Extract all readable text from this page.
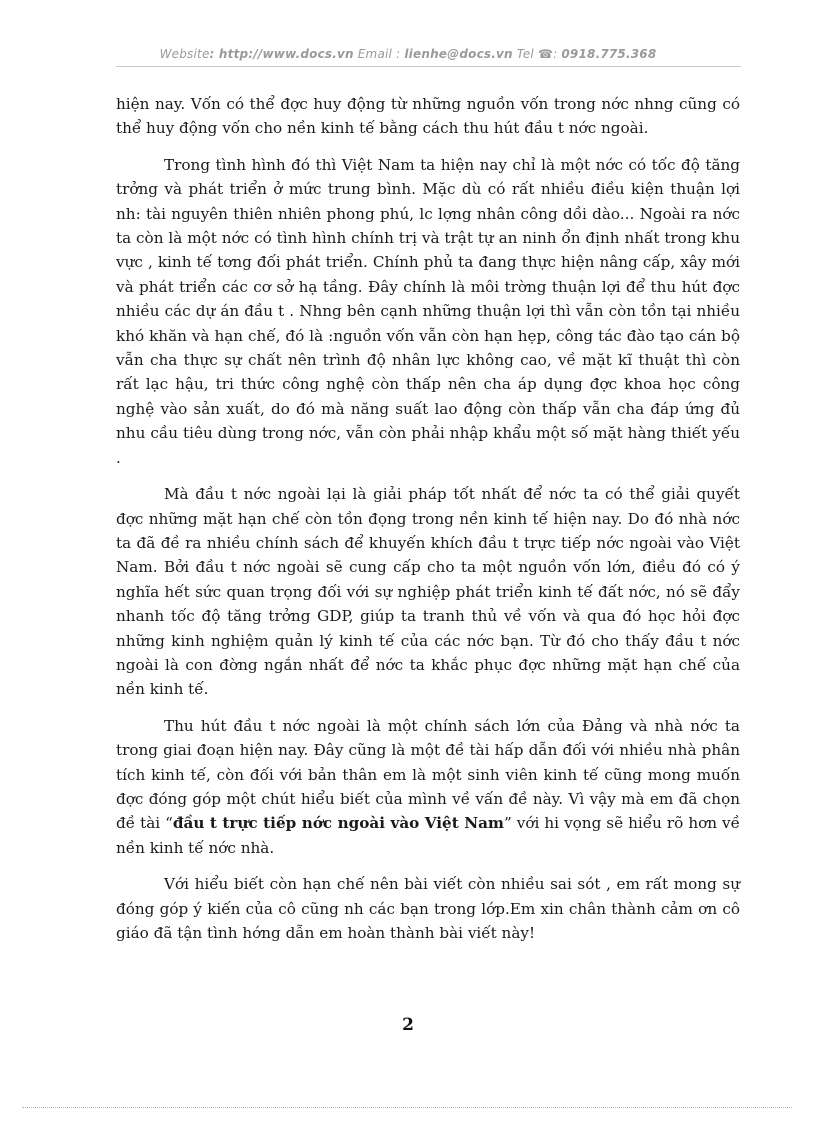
Website: http://www.docs.vn Email : lienhe@docs.vn Tel ☎: 0918.775.368

hiện nay. Vốn có thể đợc huy động từ những nguồn vốn trong nớc nhng cũng có thể huy động vốn cho nền kinh tế bằng cách thu hút đầu t nớc ngoài.

Trong tình hình đó thì Việt Nam ta hiện nay chỉ là một nớc có tốc độ tăng trởng và phát triển ở mức trung bình. Mặc dù có rất nhiều điều kiện thuận lợi nh: tài nguyên thiên nhiên phong phú, lc lợng nhân công dồi dào... Ngoài ra nớc ta còn là một nớc có tình hình chính trị và trật tự an ninh ổn định nhất trong khu vực , kinh tế tơng đối phát triển. Chính phủ ta đang thực hiện nâng cấp, xây mới và phát triển các cơ sở hạ tầng. Đây chính là môi trờng thuận lợi để thu hút đợc nhiều các dự án đầu t . Nhng bên cạnh những thuận lợi thì vẫn còn tồn tại nhiều khó khăn và hạn chế, đó là :nguồn vốn vẫn còn hạn hẹp, công tác đào tạo cán bộ vẫn cha thực sự chất nên trình độ nhân lực không cao, về mặt kĩ thuật thì còn rất lạc hậu, tri thức công nghệ còn thấp nên cha áp dụng đợc khoa học công nghệ vào sản xuất, do đó mà năng suất lao động còn thấp vẫn cha đáp ứng đủ nhu cầu tiêu dùng trong nớc, vẫn còn phải nhập khẩu một số mặt hàng thiết yếu .

Mà đầu t nớc ngoài lại là giải pháp tốt nhất để nớc ta có thể giải quyết đợc những mặt hạn chế còn tồn đọng trong nền kinh tế hiện nay. Do đó nhà nớc ta đã đề ra nhiều chính sách để khuyến khích đầu t trực tiếp nớc ngoài vào Việt Nam. Bởi đầu t nớc ngoài sẽ cung cấp cho ta một nguồn vốn lớn, điều đó có ý nghĩa hết sức quan trọng đối với sự nghiệp phát triển kinh tế đất nớc, nó sẽ đẩy nhanh tốc độ tăng trởng GDP, giúp ta tranh thủ về vốn và qua đó học hỏi đợc những kinh nghiệm quản lý kinh tế của các nớc bạn. Từ đó cho thấy đầu t nớc ngoài là con đờng ngắn nhất để nớc ta khắc phục đợc những mặt hạn chế của nền kinh tế.

Thu hút đầu t nớc ngoài là một chính sách lớn của Đảng và nhà nớc ta trong giai đoạn hiện nay. Đây cũng là một đề tài hấp dẫn đối với nhiều nhà phân tích kinh tế, còn đối với bản thân em là một sinh viên kinh tế cũng mong muốn đợc đóng góp một chút hiểu biết của mình về vấn đề này. Vì vậy mà em đã chọn đề tài “đầu t trực tiếp nớc ngoài vào Việt Nam” với hi vọng sẽ hiểu rõ hơn về nền kinh tế nớc nhà.

Với hiểu biết còn hạn chế nên bài viết còn nhiều sai sót , em rất mong sự đóng góp ý kiến của cô cũng nh các bạn trong lớp.Em xin chân thành cảm ơn cô giáo đã tận tình hớng dẫn em hoàn thành bài viết này!

2
